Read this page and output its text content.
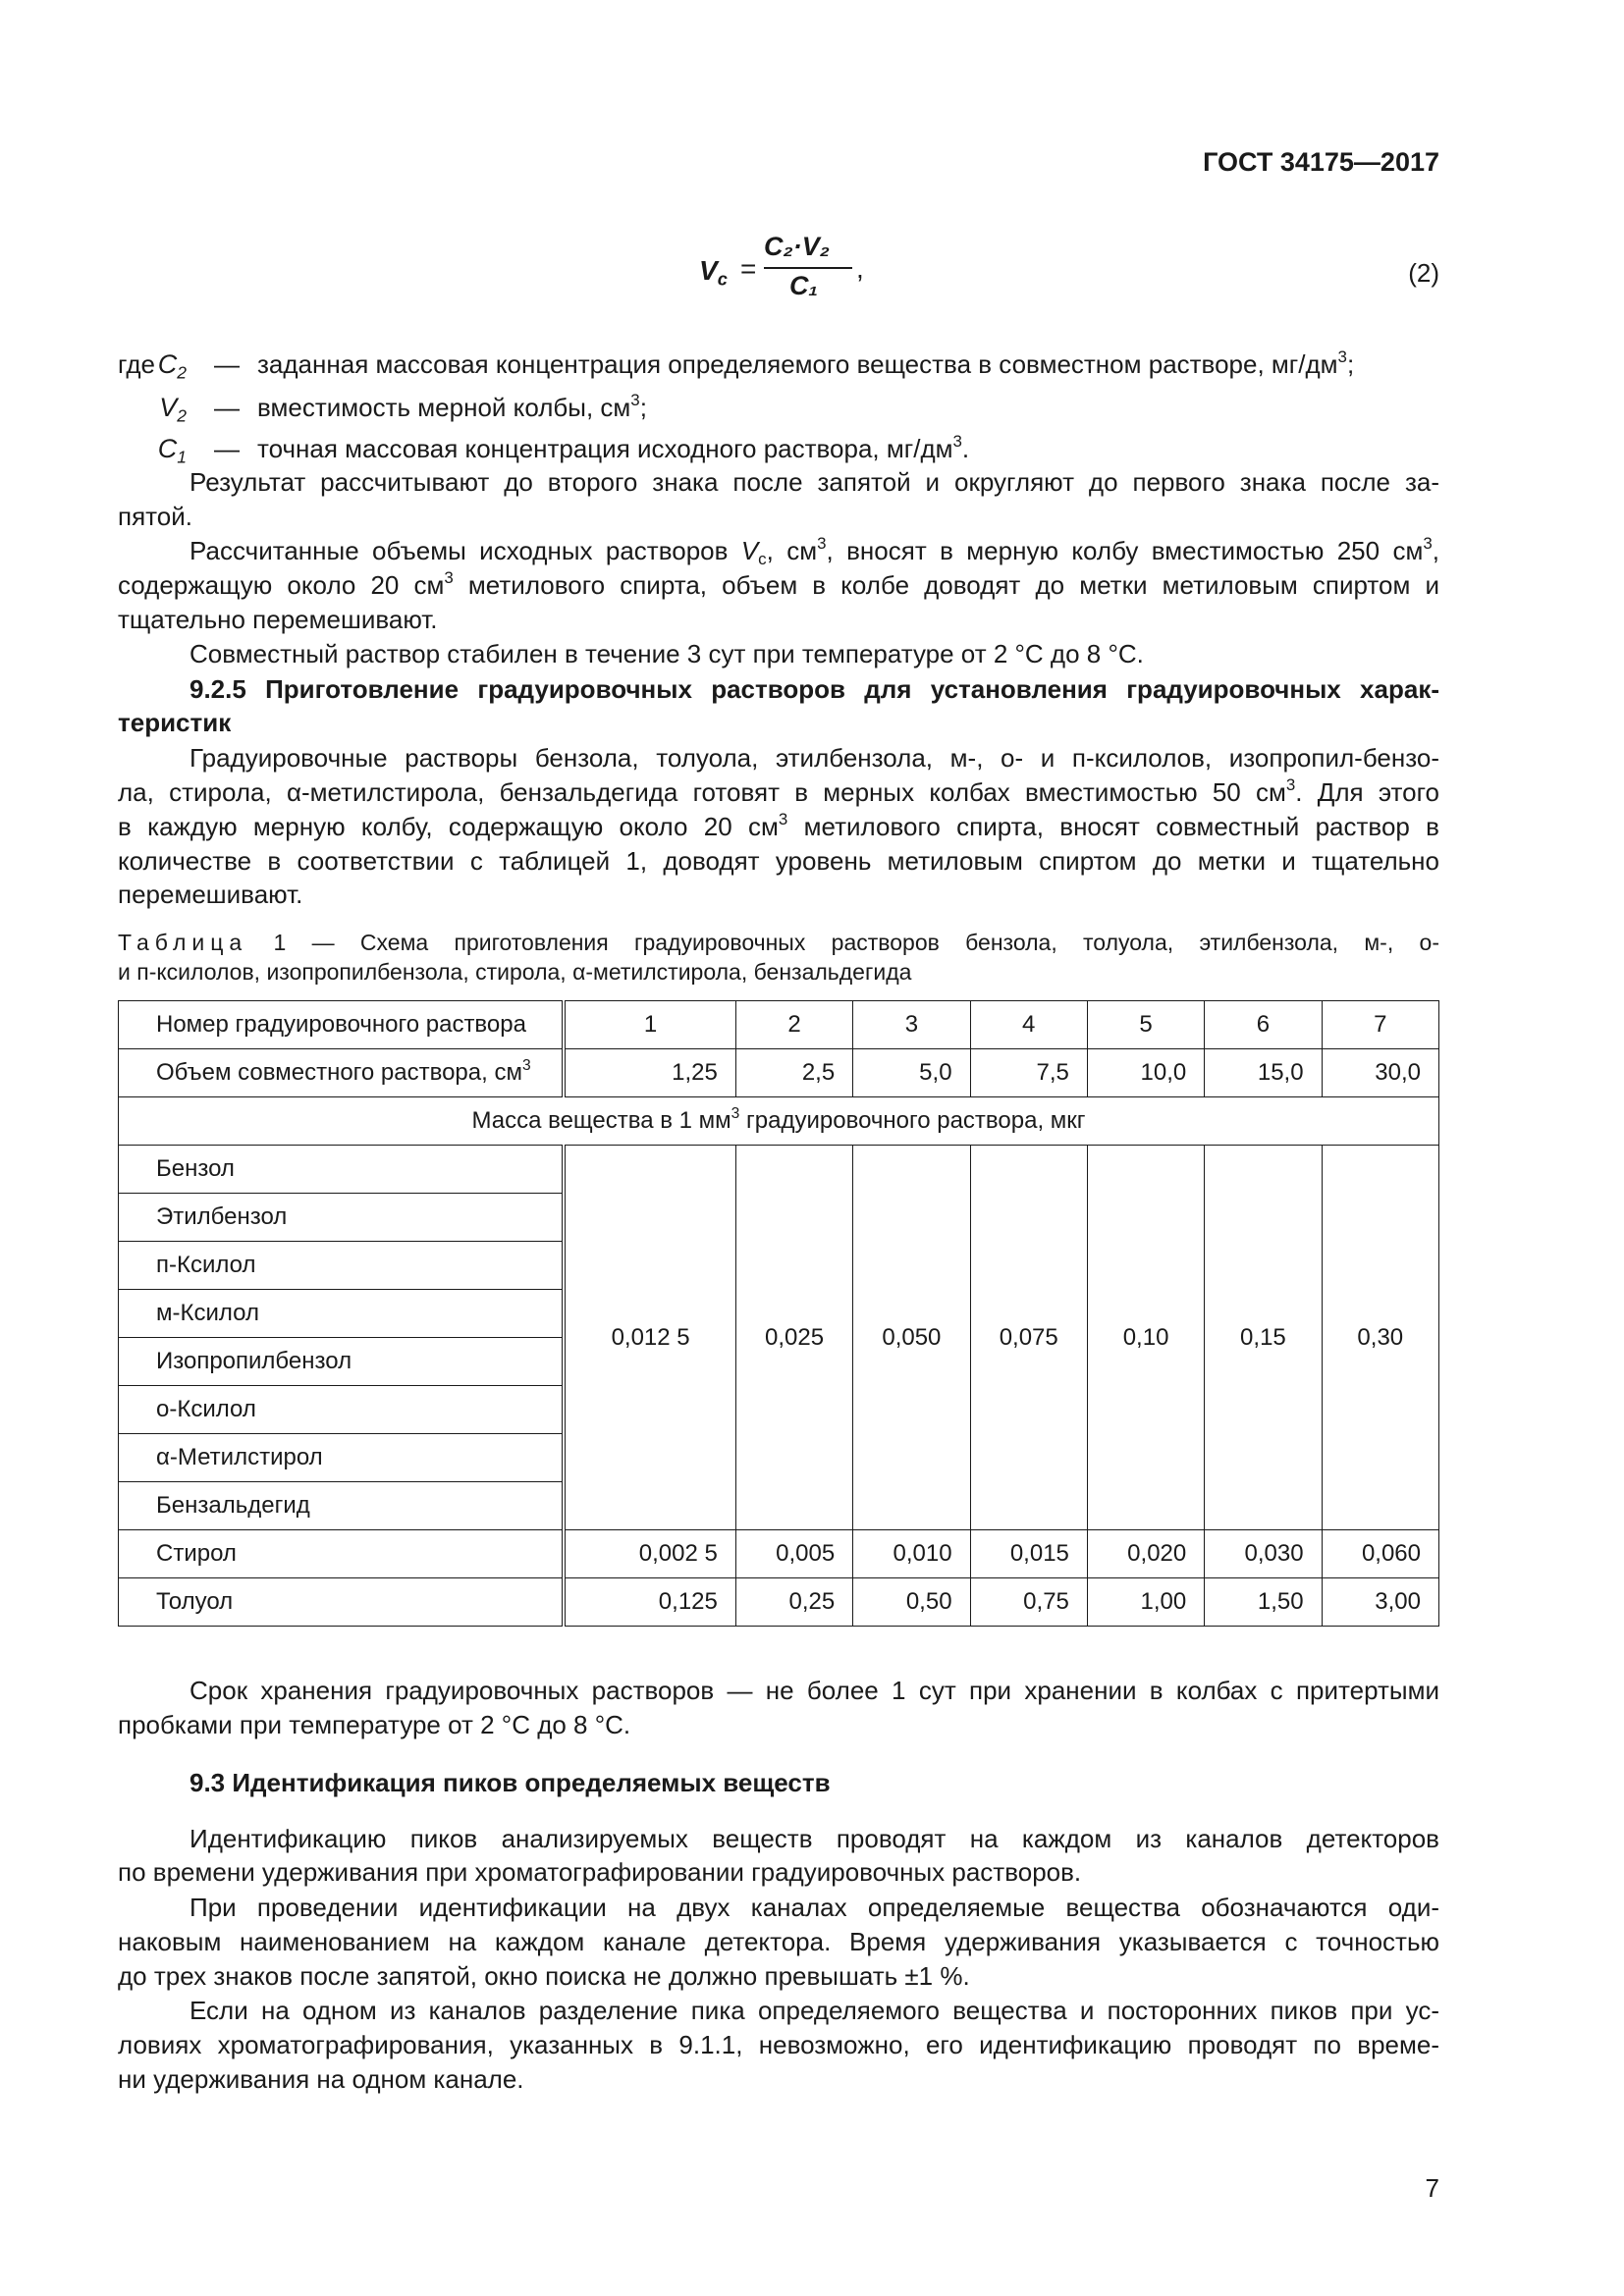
ГОСТ 34175—2017
$V_c$ =
C₂·V₂
C₁
,	(2)
где $C_2$ — заданная массовая концентрация определяемого вещества в совместном растворе, $мг/дм^3$;
$V_2$ — вместимость мерной колбы, $см^3$;
$C_1$ — точная массовая концентрация исходного раствора, $мг/дм^3$.
Результат рассчитывают до второго знака после запятой и округляют до первого знака после за-
пятой.
Рассчитанные объемы исходных растворов $V_c$, $см^3$, вносят в мерную колбу вместимостью 250 $см^3$,
содержащую около 20 $см^3$ метилового спирта, объем в колбе доводят до метки метиловым спиртом и
тщательно перемешивают.
Совместный раствор стабилен в течение 3 сут при температуре от 2 °С до 8 °С.
9.2.5 Приготовление градуировочных растворов для установления градуировочных харак-
теристик
Градуировочные растворы бензола, толуола, этилбензола, м-, о- и п-ксилолов, изопропил-бензо-
ла, стирола, α-метилстирола, бензальдегида готовят в мерных колбах вместимостью 50 $см^3$. Для этого
в каждую мерную колбу, содержащую около 20 $см^3$ метилового спирта, вносят совместный раствор в
количестве в соответствии с таблицей 1, доводят уровень метиловым спиртом до метки и тщательно
перемешивают.
Таблица 1 — Схема приготовления градуировочных растворов бензола, толуола, этилбензола, м-, о-
и п-ксилолов, изопропилбензола, стирола, α-метилстирола, бензальдегида
Номер градуировочного раствора	1	2	3	4	5	6	7
Объем совместного раствора, $см^3$	1,25	2,5	5,0	7,5	10,0	15,0	30,0
Масса вещества в 1 $мм^3$ градуировочного раствора, мкг							
Бензол	0,012 5	0,025	0,050	0,075	0,10	0,15	0,30
Этилбензол							
п-Ксилол							
м-Ксилол							
Изопропилбензол							
о-Ксилол							
α-Метилстирол							
Бензальдегид							
Стирол	0,002 5	0,005	0,010	0,015	0,020	0,030	0,060
Толуол	0,125	0,25	0,50	0,75	1,00	1,50	3,00
Срок хранения градуировочных растворов — не более 1 сут при хранении в колбах с притертыми
пробками при температуре от 2 °С до 8 °С.
9.3 Идентификация пиков определяемых веществ
Идентификацию пиков анализируемых веществ проводят на каждом из каналов детекторов
по времени удерживания при хроматографировании градуировочных растворов.
При проведении идентификации на двух каналах определяемые вещества обозначаются оди-
наковым наименованием на каждом канале детектора. Время удерживания указывается с точностью
до трех знаков после запятой, окно поиска не должно превышать ±1 %.
Если на одном из каналов разделение пика определяемого вещества и посторонних пиков при ус-
ловиях хроматографирования, указанных в 9.1.1, невозможно, его идентификацию проводят по време-
ни удерживания на одном канале.
7
